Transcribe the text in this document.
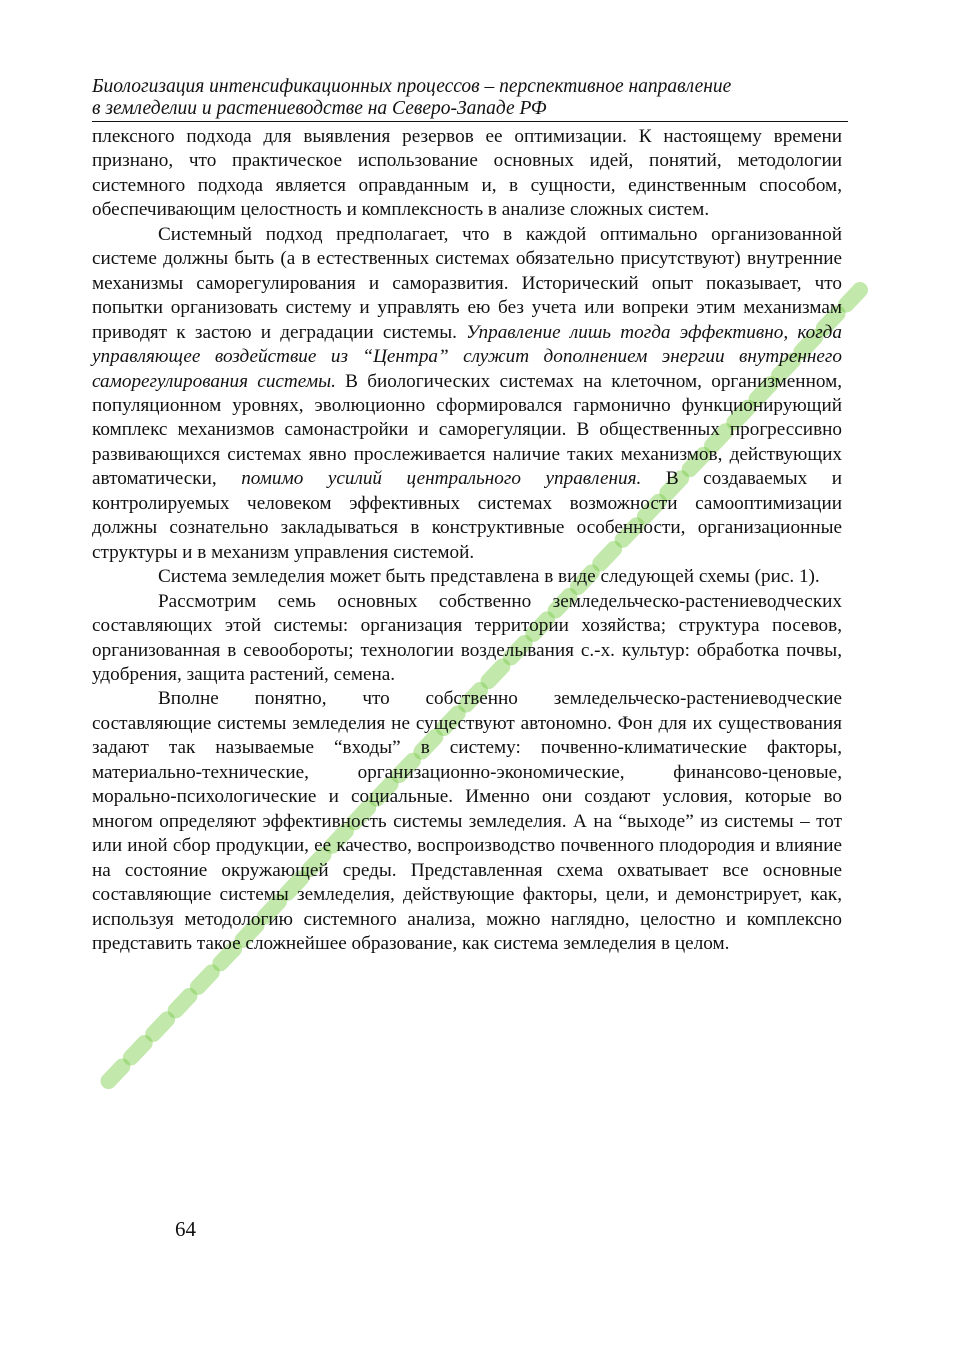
Биологизация интенсификационных процессов – перспективное направление
в земледелии и растениеводстве на Северо-Западе РФ

плексного подхода для выявления резервов ее оптимизации. К настоящему времени признано, что практическое использование основных идей, понятий, методологии системного подхода является оправданным и, в сущности, единственным способом, обеспечивающим целостность и комплексность в анализе сложных систем.

Системный подход предполагает, что в каждой оптимально организованной системе должны быть (а в естественных системах обязательно присутствуют) внутренние механизмы саморегулирования и саморазвития. Исторический опыт показывает, что попытки организовать систему и управлять ею без учета или вопреки этим механизмам приводят к застою и деградации системы. Управление лишь тогда эффективно, когда управляющее воздействие из “Центра” служит дополнением энергии внутреннего саморегулирования системы. В биологических системах на клеточном, организменном, популяционном уровнях, эволюционно сформировался гармонично функционирующий комплекс механизмов самонастройки и саморегуляции. В общественных прогрессивно развивающихся системах явно прослеживается наличие таких механизмов, действующих автоматически, помимо усилий центрального управления. В создаваемых и контролируемых человеком эффективных системах возможности самооптимизации должны сознательно закладываться в конструктивные особенности, организационные структуры и в механизм управления системой.

Система земледелия может быть представлена в виде следующей схемы (рис. 1).

Рассмотрим семь основных собственно земледельческо-растениеводческих составляющих этой системы: организация территории хозяйства; структура посевов, организованная в севообороты; технологии возделывания с.-х. культур: обработка почвы, удобрения, защита растений, семена.

Вполне понятно, что собственно земледельческо-растениеводческие составляющие системы земледелия не существуют автономно. Фон для их существования задают так называемые “входы” в систему: почвенно-климатические факторы, материально-технические, организационно-экономические, финансово-ценовые, морально-психологические и социальные. Именно они создают условия, которые во многом определяют эффективность системы земледелия. А на “выходе” из системы – тот или иной сбор продукции, ее качество, воспроизводство почвенного плодородия и влияние на состояние окружающей среды. Представленная схема охватывает все основные составляющие системы земледелия, действующие факторы, цели, и демонстрирует, как, используя методологию системного анализа, можно наглядно, целостно и комплексно представить такое сложнейшее образование, как система земледелия в целом.

64
